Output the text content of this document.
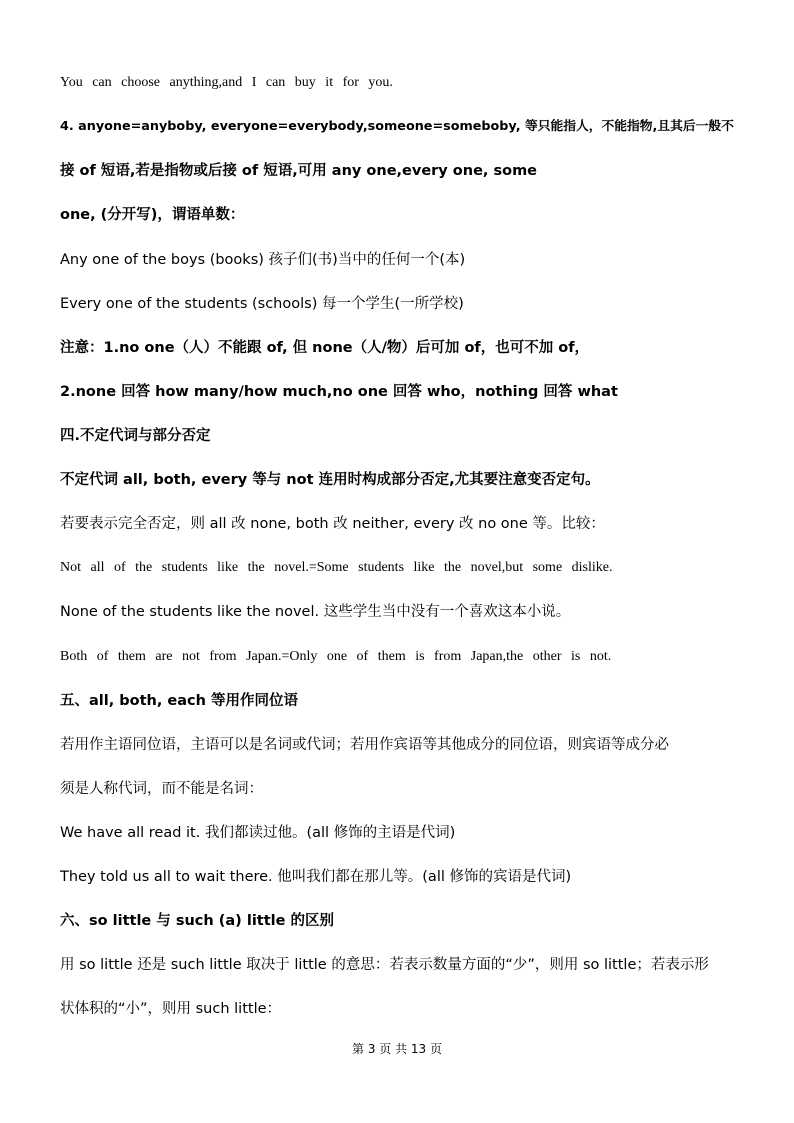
You can choose anything,and I can buy it for you.
4. anyone=anyboby, everyone=everybody,someone=someboby, 等只能指人，不能指物,且其后一般不
接 of 短语,若是指物或后接 of 短语,可用 any one,every one, some
one, (分开写)，谓语单数：
Any one of the boys (books) 孩子们(书)当中的任何一个(本)
Every one of the students (schools) 每一个学生(一所学校)
注意：1.no one（人）不能跟 of, 但 none（人/物）后可加 of，也可不加 of，
2.none 回答 how many/how much,no one 回答 who，nothing 回答 what
四.不定代词与部分否定
不定代词 all, both, every 等与 not 连用时构成部分否定,尤其要注意变否定句。
若要表示完全否定，则 all 改 none, both 改 neither, every 改 no one 等。比较：
Not all of the students like the novel.=Some students like the novel,but some dislike.
None of the students like the novel. 这些学生当中没有一个喜欢这本小说。
Both of them are not from Japan.=Only one of them is from Japan,the other is not.
五、all, both, each 等用作同位语
若用作主语同位语，主语可以是名词或代词；若用作宾语等其他成分的同位语，则宾语等成分必
须是人称代词，而不能是名词：
We have all read it. 我们都读过他。(all 修饰的主语是代词)
They told us all to wait there. 他叫我们都在那儿等。(all 修饰的宾语是代词)
六、so little 与 such (a) little 的区别
用 so little 还是 such little 取决于 little 的意思：若表示数量方面的“少”，则用 so little；若表示形
状体积的“小”，则用 such little：
第 3 页 共 13 页
